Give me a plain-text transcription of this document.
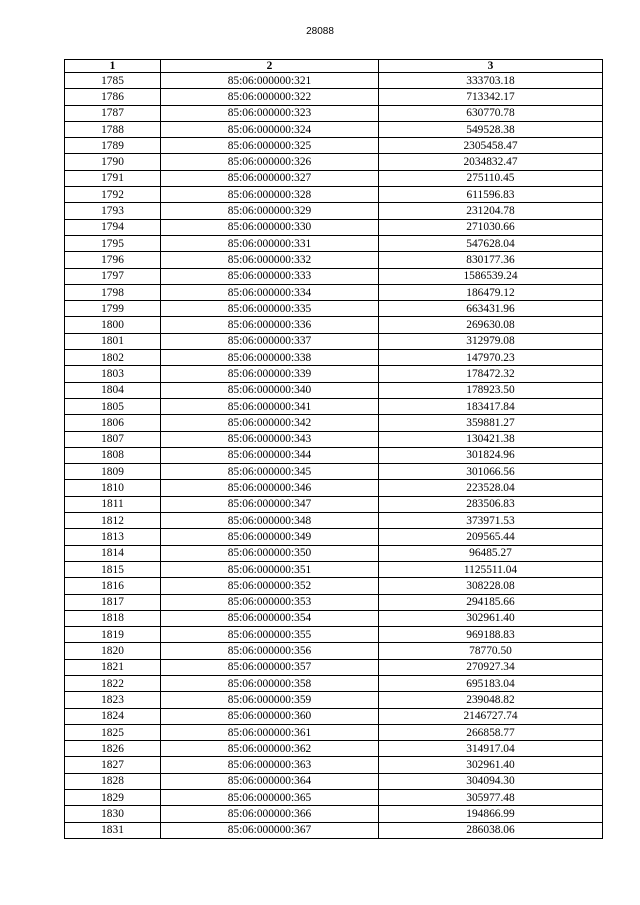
28088
1	2	3
1785	85:06:000000:321	333703.18
1786	85:06:000000:322	713342.17
1787	85:06:000000:323	630770.78
1788	85:06:000000:324	549528.38
1789	85:06:000000:325	2305458.47
1790	85:06:000000:326	2034832.47
1791	85:06:000000:327	275110.45
1792	85:06:000000:328	611596.83
1793	85:06:000000:329	231204.78
1794	85:06:000000:330	271030.66
1795	85:06:000000:331	547628.04
1796	85:06:000000:332	830177.36
1797	85:06:000000:333	1586539.24
1798	85:06:000000:334	186479.12
1799	85:06:000000:335	663431.96
1800	85:06:000000:336	269630.08
1801	85:06:000000:337	312979.08
1802	85:06:000000:338	147970.23
1803	85:06:000000:339	178472.32
1804	85:06:000000:340	178923.50
1805	85:06:000000:341	183417.84
1806	85:06:000000:342	359881.27
1807	85:06:000000:343	130421.38
1808	85:06:000000:344	301824.96
1809	85:06:000000:345	301066.56
1810	85:06:000000:346	223528.04
1811	85:06:000000:347	283506.83
1812	85:06:000000:348	373971.53
1813	85:06:000000:349	209565.44
1814	85:06:000000:350	96485.27
1815	85:06:000000:351	1125511.04
1816	85:06:000000:352	308228.08
1817	85:06:000000:353	294185.66
1818	85:06:000000:354	302961.40
1819	85:06:000000:355	969188.83
1820	85:06:000000:356	78770.50
1821	85:06:000000:357	270927.34
1822	85:06:000000:358	695183.04
1823	85:06:000000:359	239048.82
1824	85:06:000000:360	2146727.74
1825	85:06:000000:361	266858.77
1826	85:06:000000:362	314917.04
1827	85:06:000000:363	302961.40
1828	85:06:000000:364	304094.30
1829	85:06:000000:365	305977.48
1830	85:06:000000:366	194866.99
1831	85:06:000000:367	286038.06
